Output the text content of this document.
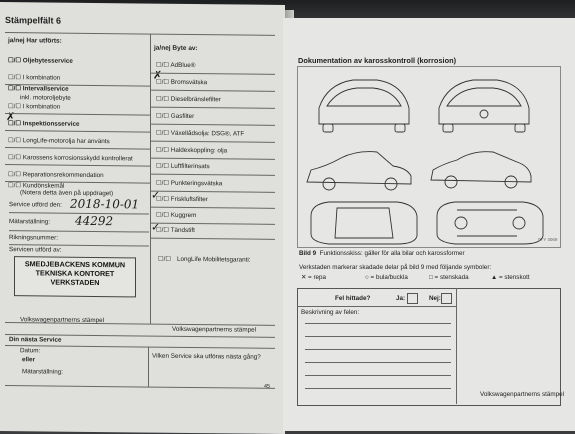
Stämpelfält 6
ja/nej Har utförts:
ja/nej Byte av:
Service utförd den: 2018-10-01
Mätarställning: 44292
Rikningsnummer:
Servicen utförd av:
SMEDJEBACKENS KOMMUN
TEKNISKA KONTORET
VERKSTADEN
☐/☐ LongLife Mobilitetsgaranti:
Volkswagenpartnerns stämpel
Volkswagenpartnerns stämpel
Din nästa Service
Datum:
eller
Mätarställning:
Vilken Service ska utföras nästa gång?
45
✗
✗
✓
✓
☐/☐ Oljebytesservice
☐/☐ I kombination
☐/☐ Intervallservice
inkl. motoroljebyte
☐/☐ I kombination
☐/☐ Inspektionsservice
☐/☐ LongLife-motorolja har använts
☐/☐ Karossens korrosionsskydd kontrollerat
☐/☐ Reparationsrekommendation
☐/☐ Kundönskemål
(Notera detta även på uppdraget)
☐/☐ AdBlue®
☐/☐ Bromsvätska
☐/☐ Dieselbränslefilter
☐/☐ Gasfilter
☐/☐ Växellådsolja: DSG®, ATF
☐/☐ Haldexkoppling: olja
☐/☐ Luftfilterinsats
☐/☐ Punkteringsvätska
☐/☐ Friskluftsfilter
☐/☐ Kuggrem
☐/☐ Tändstift
Dokumentation av karosskontroll (korrosion)
0TY 4069
Bild 9 Funktionsskiss: gäller för alla bilar och karossformer
Verkstaden markerar skadade delar på bild 9 med följande symboler:
Fel hittade?	Ja:	Nej:
Beskrivning av felen:
Volkswagenpartnerns stämpel
✕ = repa	○ = bula/buckla	□ = stenskada	▲ = stenskott
